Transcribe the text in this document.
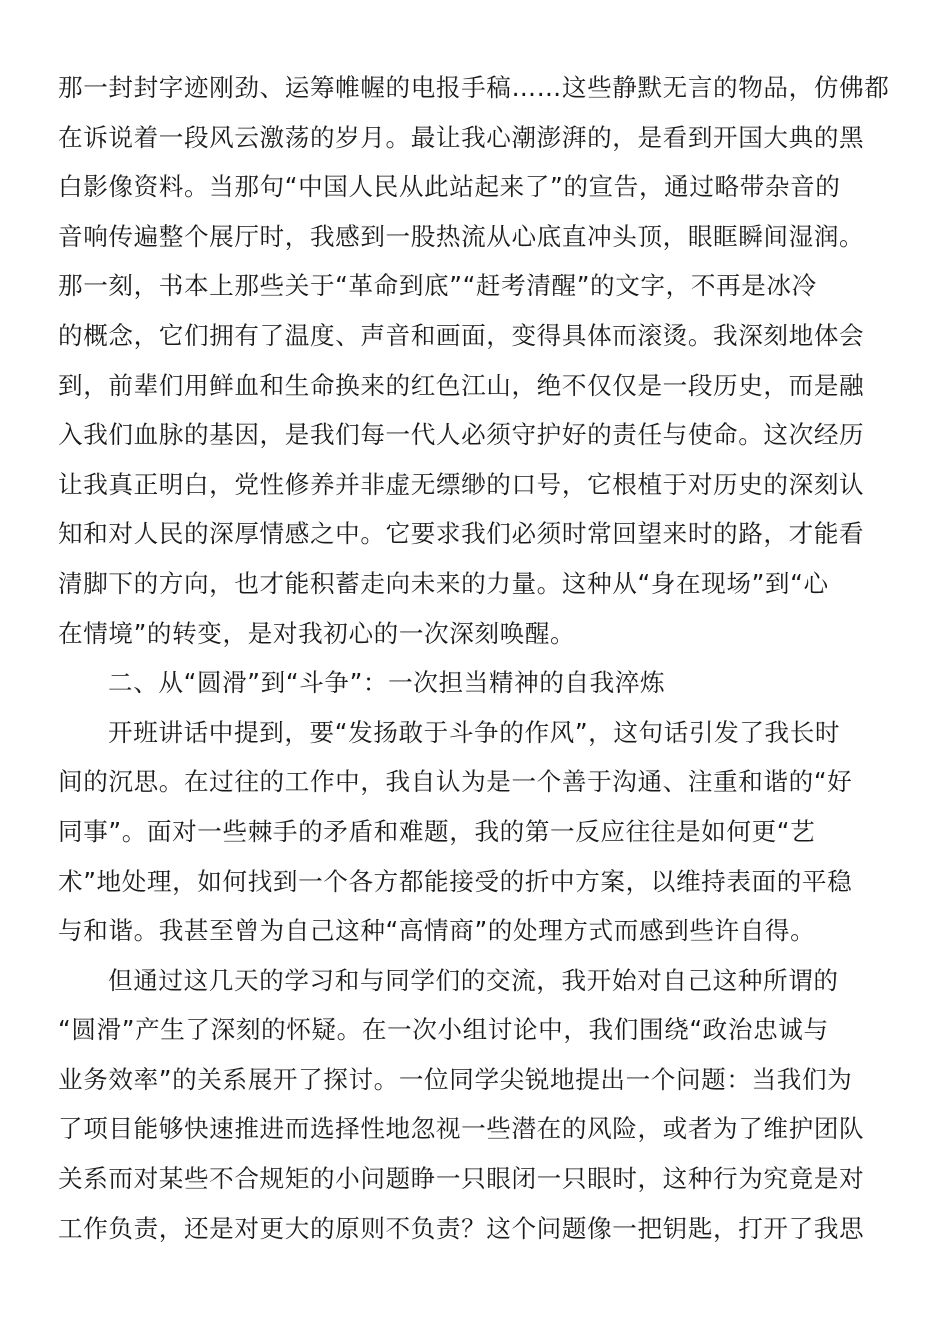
那一封封字迹刚劲、运筹帷幄的电报手稿……这些静默无言的物品，仿佛都
在诉说着一段风云激荡的岁月。最让我心潮澎湃的，是看到开国大典的黑
白影像资料。当那句“中国人民从此站起来了”的宣告，通过略带杂音的
音响传遍整个展厅时，我感到一股热流从心底直冲头顶，眼眶瞬间湿润。
那一刻，书本上那些关于“革命到底”“赶考清醒”的文字，不再是冰冷
的概念，它们拥有了温度、声音和画面，变得具体而滚烫。我深刻地体会
到，前辈们用鲜血和生命换来的红色江山，绝不仅仅是一段历史，而是融
入我们血脉的基因，是我们每一代人必须守护好的责任与使命。这次经历
让我真正明白，党性修养并非虚无缥缈的口号，它根植于对历史的深刻认
知和对人民的深厚情感之中。它要求我们必须时常回望来时的路，才能看
清脚下的方向，也才能积蓄走向未来的力量。这种从“身在现场”到“心
在情境”的转变，是对我初心的一次深刻唤醒。
二、从“圆滑”到“斗争”：一次担当精神的自我淬炼
开班讲话中提到，要“发扬敢于斗争的作风”，这句话引发了我长时
间的沉思。在过往的工作中，我自认为是一个善于沟通、注重和谐的“好
同事”。面对一些棘手的矛盾和难题，我的第一反应往往是如何更“艺
术”地处理，如何找到一个各方都能接受的折中方案，以维持表面的平稳
与和谐。我甚至曾为自己这种“高情商”的处理方式而感到些许自得。
但通过这几天的学习和与同学们的交流，我开始对自己这种所谓的
“圆滑”产生了深刻的怀疑。在一次小组讨论中，我们围绕“政治忠诚与
业务效率”的关系展开了探讨。一位同学尖锐地提出一个问题：当我们为
了项目能够快速推进而选择性地忽视一些潜在的风险，或者为了维护团队
关系而对某些不合规矩的小问题睁一只眼闭一只眼时，这种行为究竟是对
工作负责，还是对更大的原则不负责？这个问题像一把钥匙，打开了我思
